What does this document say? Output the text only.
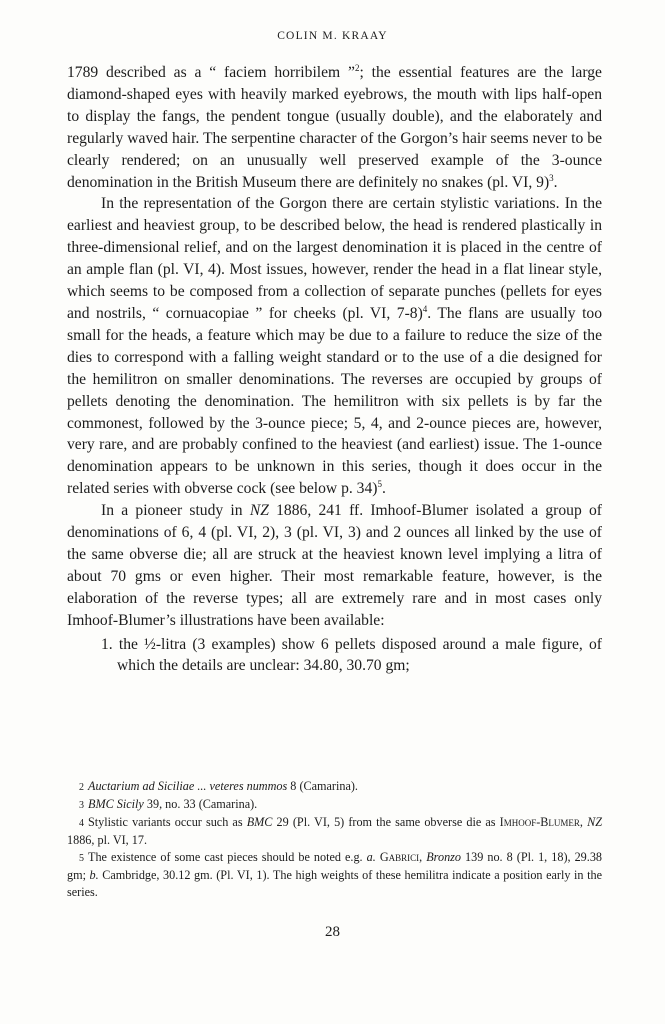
COLIN M. KRAAY

1789 described as a “ faciem horribilem ”$^2$; the essential features are the large diamond-shaped eyes with heavily marked eyebrows, the mouth with lips half-open to display the fangs, the pendent tongue (usually double), and the elaborately and regularly waved hair. The serpentine character of the Gorgon’s hair seems never to be clearly rendered; on an unusually well preserved example of the 3-ounce denomination in the British Museum there are definitely no snakes (pl. VI, 9)$^3$.

In the representation of the Gorgon there are certain stylistic variations. In the earliest and heaviest group, to be described below, the head is rendered plastically in three-dimensional relief, and on the largest denomination it is placed in the centre of an ample flan (pl. VI, 4). Most issues, however, render the head in a flat linear style, which seems to be composed from a collection of separate punches (pellets for eyes and nostrils, “ cornuacopiae ” for cheeks (pl. VI, 7-8)$^4$. The flans are usually too small for the heads, a feature which may be due to a failure to reduce the size of the dies to correspond with a falling weight standard or to the use of a die designed for the hemilitron on smaller denominations. The reverses are occupied by groups of pellets denoting the denomination. The hemilitron with six pellets is by far the commonest, followed by the 3-ounce piece; 5, 4, and 2-ounce pieces are, however, very rare, and are probably confined to the heaviest (and earliest) issue. The 1-ounce denomination appears to be unknown in this series, though it does occur in the related series with obverse cock (see below p. 34)$^5$.

In a pioneer study in NZ 1886, 241 ff. Imhoof-Blumer isolated a group of denominations of 6, 4 (pl. VI, 2), 3 (pl. VI, 3) and 2 ounces all linked by the use of the same obverse die; all are struck at the heaviest known level implying a litra of about 70 gms or even higher. Their most remarkable feature, however, is the elaboration of the reverse types; all are extremely rare and in most cases only Imhoof-Blumer’s illustrations have been available:

1. the ½-litra (3 examples) show 6 pellets disposed around a male figure, of which the details are unclear: 34.80, 30.70 gm;

2 Auctarium ad Siciliae ... veteres nummos 8 (Camarina).

3 BMC Sicily 39, no. 33 (Camarina).

4 Stylistic variants occur such as BMC 29 (Pl. VI, 5) from the same obverse die as Imhoof-Blumer, NZ 1886, pl. VI, 17.

5 The existence of some cast pieces should be noted e.g. a. Gabrici, Bronzo 139 no. 8 (Pl. 1, 18), 29.38 gm; b. Cambridge, 30.12 gm. (Pl. VI, 1). The high weights of these hemilitra indicate a position early in the series.

28
